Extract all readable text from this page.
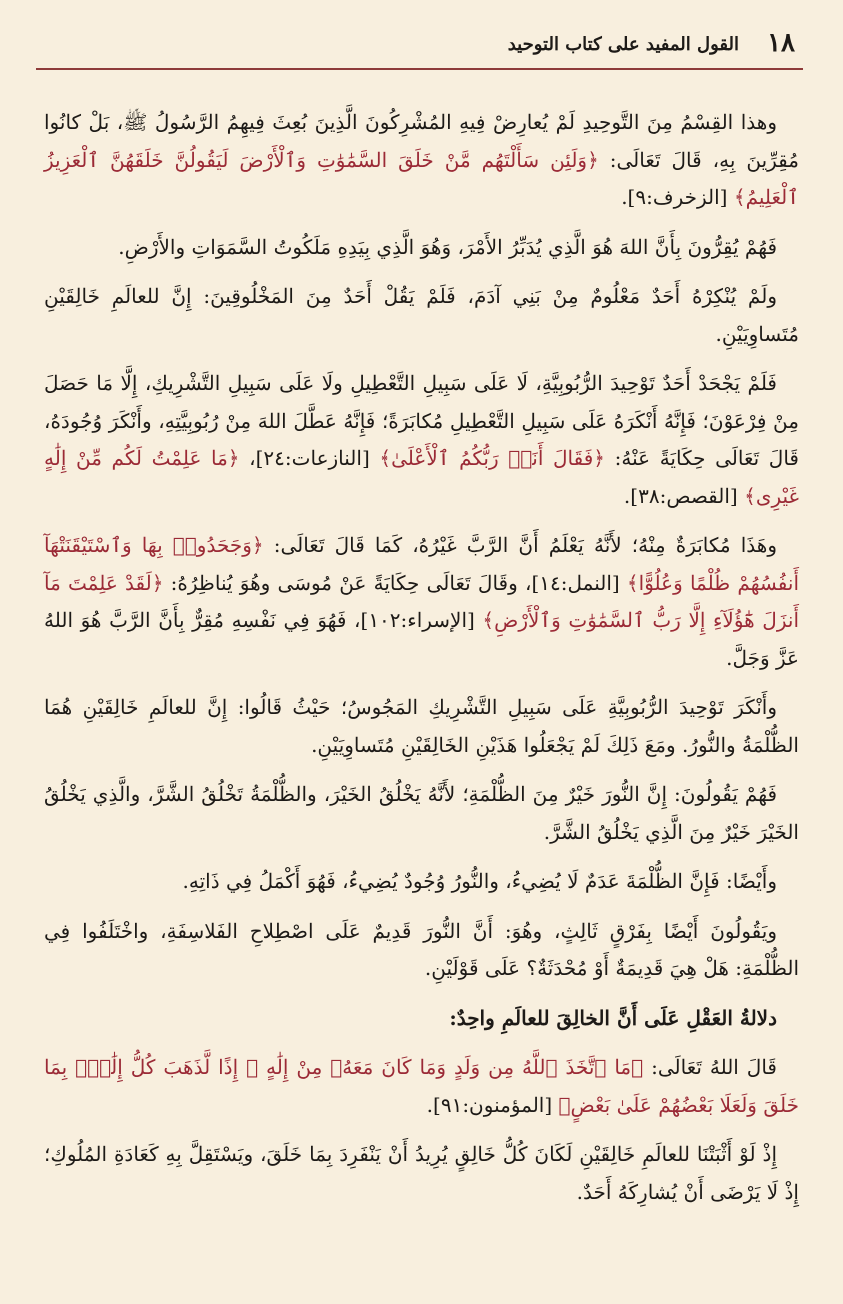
١٨
القول المفيد على كتاب التوحيد

وهذا القِسْمُ مِنَ التَّوحِيدِ لَمْ يُعارِضْ فِيهِ المُشْرِكُونَ الَّذِينَ بُعِثَ فِيهِمُ الرَّسُولُ ﷺ، بَلْ كانُوا مُقِرِّينَ بِهِ، قَالَ تَعَالَى: ﴿وَلَئِن سَأَلْتَهُم مَّنْ خَلَقَ السَّمَٰوَٰتِ وَٱلْأَرْضَ لَيَقُولُنَّ خَلَقَهُنَّ ٱلْعَزِيزُ ٱلْعَلِيمُ﴾ [الزخرف:٩].

فَهُمْ يُقِرُّونَ بِأَنَّ اللهَ هُوَ الَّذِي يُدَبِّرُ الأَمْرَ، وَهُوَ الَّذِي بِيَدِهِ مَلَكُوتُ السَّمَوَاتِ والأَرْضِ.

ولَمْ يُنْكِرْهُ أَحَدٌ مَعْلُومٌ مِنْ بَنِي آدَمَ، فَلَمْ يَقُلْ أَحَدٌ مِنَ المَخْلُوقِينَ: إِنَّ للعالَمِ خَالِقَيْنِ مُتَساوِيَيْنِ.

فَلَمْ يَجْحَدْ أَحَدٌ تَوْحِيدَ الرُّبُوبِيَّةِ، لَا عَلَى سَبِيلِ التَّعْطِيلِ ولَا عَلَى سَبِيلِ التَّشْرِيكِ، إِلَّا مَا حَصَلَ مِنْ فِرْعَوْنَ؛ فَإِنَّهُ أَنْكَرَهُ عَلَى سَبِيلِ التَّعْطِيلِ مُكابَرَةً؛ فَإِنَّهُ عَطَّلَ اللهَ مِنْ رُبُوبِيَّتِهِ، وأَنْكَرَ وُجُودَهُ، قَالَ تَعَالَى حِكَايَةً عَنْهُ: ﴿فَقَالَ أَنَا۠ رَبُّكُمُ ٱلْأَعْلَىٰ﴾ [النازعات:٢٤]، ﴿مَا عَلِمْتُ لَكُم مِّنْ إِلَٰهٍ غَيْرِى﴾ [القصص:٣٨].

وهَذَا مُكابَرَةٌ مِنْهُ؛ لأَنَّهُ يَعْلَمُ أَنَّ الرَّبَّ غَيْرُهُ، كَمَا قَالَ تَعَالَى: ﴿وَجَحَدُوا۟ بِهَا وَٱسْتَيْقَنَتْهَآ أَنفُسُهُمْ ظُلْمًا وَعُلُوًّا﴾ [النمل:١٤]، وقَالَ تَعَالَى حِكَايَةً عَنْ مُوسَى وهُوَ يُناظِرُهُ: ﴿لَقَدْ عَلِمْتَ مَآ أَنزَلَ هَٰٓؤُلَآءِ إِلَّا رَبُّ ٱلسَّمَٰوَٰتِ وَٱلْأَرْضِ﴾ [الإسراء:١٠٢]، فَهُوَ فِي نَفْسِهِ مُقِرٌّ بِأَنَّ الرَّبَّ هُوَ اللهُ عَزَّ وَجَلَّ.

وأَنْكَرَ تَوْحِيدَ الرُّبُوبِيَّةِ عَلَى سَبِيلِ التَّشْرِيكِ المَجُوسُ؛ حَيْثُ قَالُوا: إِنَّ للعالَمِ خَالِقَيْنِ هُمَا الظُّلْمَةُ والنُّورُ. ومَعَ ذَلِكَ لَمْ يَجْعَلُوا هَذَيْنِ الخَالِقَيْنِ مُتَساوِيَيْنِ.

فَهُمْ يَقُولُونَ: إِنَّ النُّورَ خَيْرٌ مِنَ الظُّلْمَةِ؛ لأَنَّهُ يَخْلُقُ الخَيْرَ، والظُّلْمَةُ تَخْلُقُ الشَّرَّ، والَّذِي يَخْلُقُ الخَيْرَ خَيْرٌ مِنَ الَّذِي يَخْلُقُ الشَّرَّ.

وأَيْضًا: فَإِنَّ الظُّلْمَةَ عَدَمٌ لَا يُضِيءُ، والنُّورُ وُجُودٌ يُضِيءُ، فَهُوَ أَكْمَلُ فِي ذَاتِهِ.

ويَقُولُونَ أَيْضًا بِفَرْقٍ ثَالِثٍ، وهُوَ: أَنَّ النُّورَ قَدِيمٌ عَلَى اصْطِلاحِ الفَلاسِفَةِ، واخْتَلَفُوا فِي الظُّلْمَةِ: هَلْ هِيَ قَدِيمَةٌ أَوْ مُحْدَثَةٌ؟ عَلَى قَوْلَيْنِ.

دلالةُ العَقْلِ عَلَى أَنَّ الخالِقَ للعالَمِ واحِدٌ:

قَالَ اللهُ تَعَالَى: ﴿مَا ٱتَّخَذَ ٱللَّهُ مِن وَلَدٍ وَمَا كَانَ مَعَهُۥ مِنْ إِلَٰهٍ ۚ إِذًا لَّذَهَبَ كُلُّ إِلَٰهٍۭ بِمَا خَلَقَ وَلَعَلَا بَعْضُهُمْ عَلَىٰ بَعْضٍ﴾ [المؤمنون:٩١].

إِذْ لَوْ أَثْبَتْنَا للعالَمِ خَالِقَيْنِ لَكَانَ كُلُّ خَالِقٍ يُرِيدُ أَنْ يَنْفَرِدَ بِمَا خَلَقَ، ويَسْتَقِلَّ بِهِ كَعَادَةِ المُلُوكِ؛ إِذْ لَا يَرْضَى أَنْ يُشارِكَهُ أَحَدٌ.
